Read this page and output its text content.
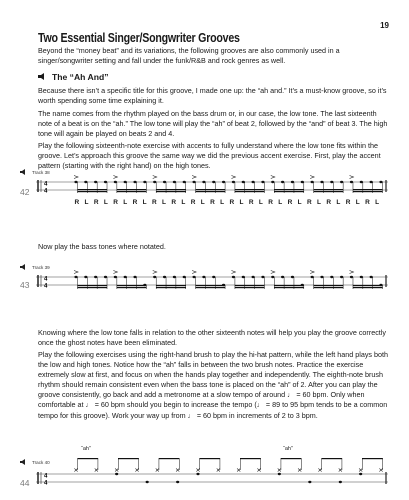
19
Two Essential Singer/Songwriter Grooves
Beyond the “money beat” and its variations, the following grooves are also commonly used in a singer/songwriter setting and fall under the funk/R&B and rock genres as well.
The “Ah And”
Because there isn’t a specific title for this groove, I made one up: the “ah and.” It’s a must-know groove, so it’s worth spending some time explaining it.
The name comes from the rhythm played on the bass drum or, in our case, the low tone. The last sixteenth note of a beat is on the “ah.” The low tone will play the “ah” of beat 2, followed by the “and” of beat 3. The high tone will again be played on beats 2 and 4.
Play the following sixteenth-note exercise with accents to fully understand where the low tone fits within the groove. Let’s approach this groove the same way we did the previous accent exercise. First, play the accent pattern (starting with the right hand) on the high tones.
Track 38
42
4
4
R L R L R L R L R L R L R L R L R L R L R L R L R L R L R L R L
Now play the bass tones where notated.
Track 39
43
4
4
Knowing where the low tone falls in relation to the other sixteenth notes will help you play the groove correctly once the ghost notes have been eliminated.
Play the following exercises using the right-hand brush to play the hi-hat pattern, while the left hand plays both the low and high tones. Notice how the “ah” falls in between the two brush notes. Practice the exercise extremely slow at first, and focus on when the hands play together and independently. The eighth-note brush rhythm should remain consistent even when the bass tone is placed on the “ah” of 2. After you can play the groove consistently, go back and add a metronome at a slow tempo of around ♩ = 60 bpm. Only when comfortable at ♩ = 60 bpm should you begin to increase the tempo (♩ = 89 to 95 bpm tends to be a common tempo for this groove). Work your way up from ♩ = 60 bpm in increments of 2 to 3 bpm.
Track 40
44
“ah”	“ah”
4
4
